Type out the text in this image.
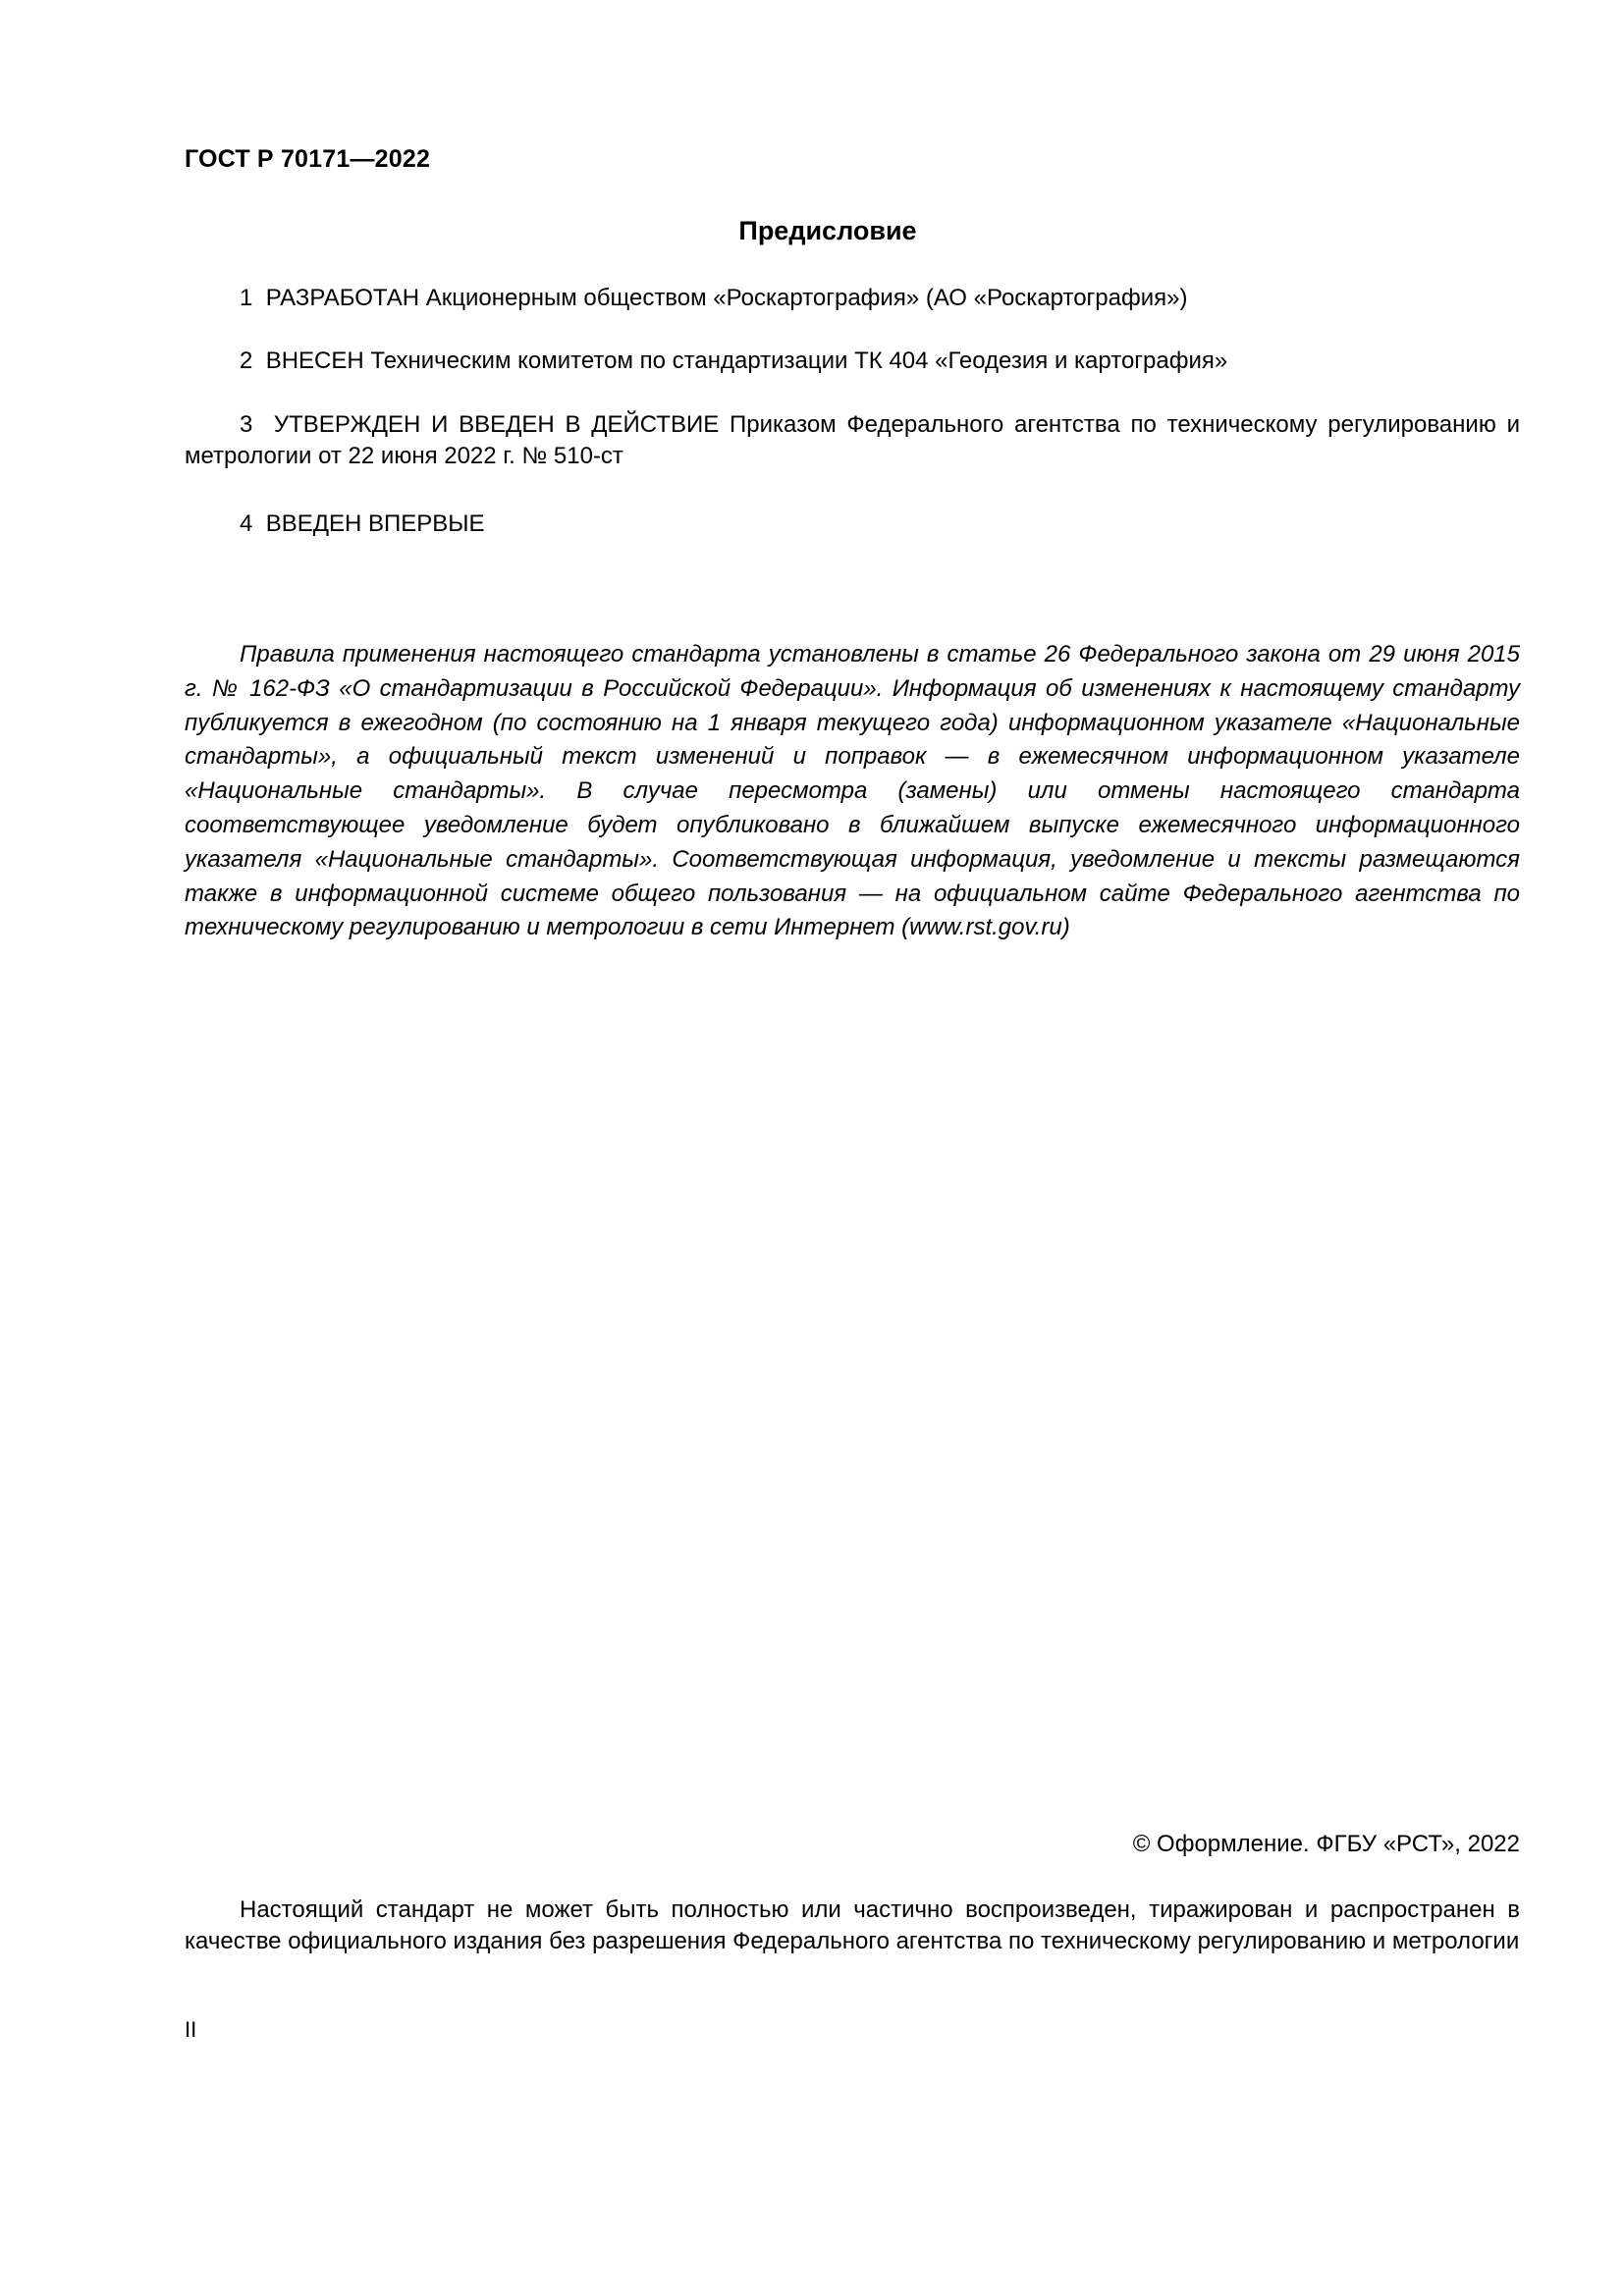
ГОСТ Р 70171—2022
Предисловие
1 РАЗРАБОТАН Акционерным обществом «Роскартография» (АО «Роскартография»)
2 ВНЕСЕН Техническим комитетом по стандартизации ТК 404 «Геодезия и картография»
3 УТВЕРЖДЕН И ВВЕДЕН В ДЕЙСТВИЕ Приказом Федерального агентства по техническому регулированию и метрологии от 22 июня 2022 г. № 510-ст
4 ВВЕДЕН ВПЕРВЫЕ
Правила применения настоящего стандарта установлены в статье 26 Федерального закона от 29 июня 2015 г. № 162-ФЗ «О стандартизации в Российской Федерации». Информация об изменениях к настоящему стандарту публикуется в ежегодном (по состоянию на 1 января текущего года) информационном указателе «Национальные стандарты», а официальный текст изменений и поправок — в ежемесячном информационном указателе «Национальные стандарты». В случае пересмотра (замены) или отмены настоящего стандарта соответствующее уведомление будет опубликовано в ближайшем выпуске ежемесячного информационного указателя «Национальные стандарты». Соответствующая информация, уведомление и тексты размещаются также в информационной системе общего пользования — на официальном сайте Федерального агентства по техническому регулированию и метрологии в сети Интернет (www.rst.gov.ru)
© Оформление. ФГБУ «РСТ», 2022
Настоящий стандарт не может быть полностью или частично воспроизведен, тиражирован и распространен в качестве официального издания без разрешения Федерального агентства по техническому регулированию и метрологии
II
